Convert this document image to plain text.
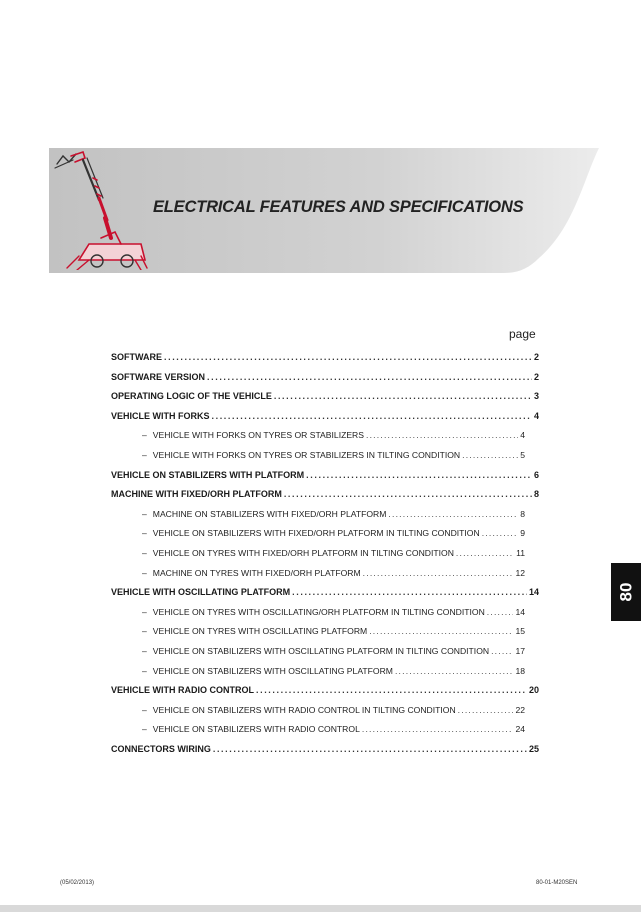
ELECTRICAL FEATURES AND SPECIFICATIONS
page
SOFTWARE .....	2
SOFTWARE VERSION .....	2
OPERATING LOGIC OF THE VEHICLE .....	3
VEHICLE WITH FORKS .....	4
– VEHICLE WITH FORKS ON TYRES OR STABILIZERS .....	4
– VEHICLE WITH FORKS ON TYRES OR STABILIZERS IN TILTING CONDITION .....	5
VEHICLE ON STABILIZERS WITH PLATFORM .....	6
MACHINE WITH FIXED/ORH PLATFORM .....	8
– MACHINE ON STABILIZERS WITH FIXED/ORH PLATFORM .....	8
– VEHICLE ON STABILIZERS WITH FIXED/ORH PLATFORM IN TILTING CONDITION .....	9
– VEHICLE ON TYRES WITH FIXED/ORH PLATFORM IN TILTING CONDITION .....	11
– MACHINE ON TYRES WITH FIXED/ORH PLATFORM .....	12
VEHICLE WITH OSCILLATING PLATFORM .....	14
– VEHICLE ON TYRES WITH OSCILLATING/ORH PLATFORM IN TILTING CONDITION .....	14
– VEHICLE ON TYRES WITH OSCILLATING PLATFORM .....	15
– VEHICLE ON STABILIZERS WITH OSCILLATING PLATFORM IN TILTING CONDITION .....	17
– VEHICLE ON STABILIZERS WITH OSCILLATING PLATFORM .....	18
VEHICLE WITH RADIO CONTROL .....	20
– VEHICLE ON STABILIZERS WITH RADIO CONTROL IN TILTING CONDITION .....	22
– VEHICLE ON STABILIZERS WITH RADIO CONTROL .....	24
CONNECTORS WIRING .....	25
80
(05/02/2013)	80-01-M20SEN
